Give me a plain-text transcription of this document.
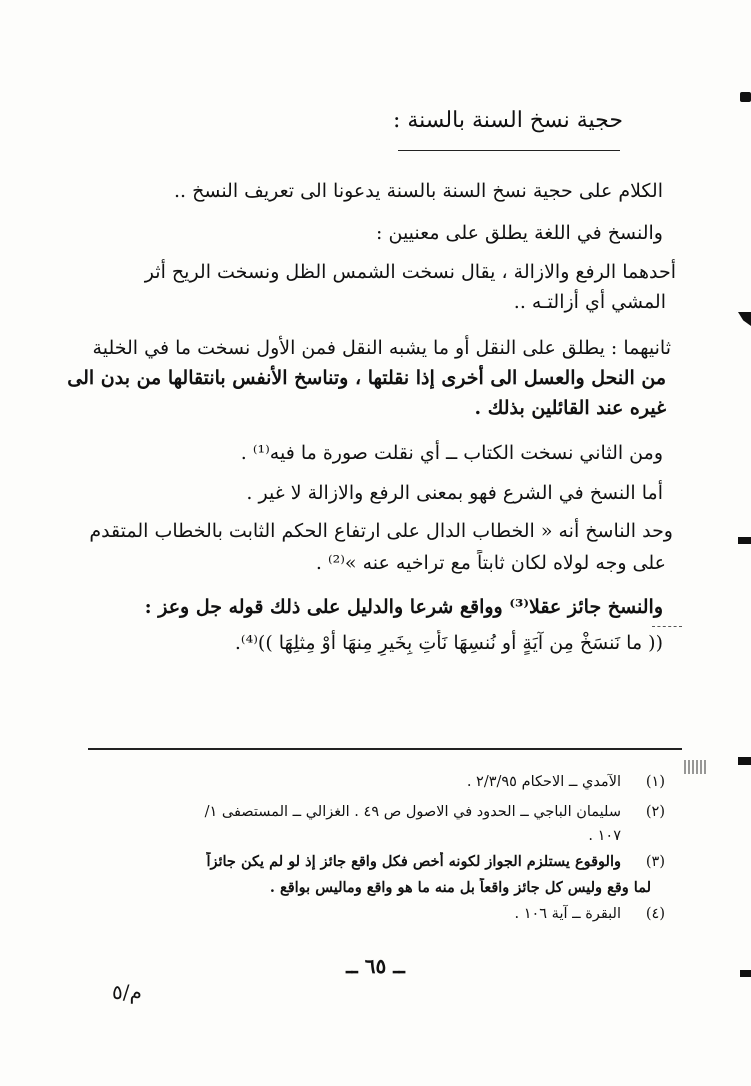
حجية نسخ السنة بالسنة :
الكلام على حجية نسخ السنة بالسنة يدعونا الى تعريف النسخ ..
والنسخ في اللغة يطلق على معنيين :
أحدهما الرفع والازالة ، يقال نسخت الشمس الظل ونسخت الريح أثر
المشي أي أزالتـه ..
ثانيهما : يطلق على النقل أو ما يشبه النقل فمن الأول نسخت ما في الخلية
من النحل والعسل الى أخرى إذا نقلتها ، وتناسخ الأنفس بانتقالها من بدن الى
غيره عند القائلين بذلك .
ومن الثاني نسخت الكتاب ــ أي نقلت صورة ما فيه⁽¹⁾ .
أما النسخ في الشرع فهو بمعنى الرفع والازالة لا غير .
وحد الناسخ أنه « الخطاب الدال على ارتفاع الحكم الثابت بالخطاب المتقدم
على وجه لولاه لكان ثابتاً مع تراخيه عنه »⁽²⁾ .
والنسخ جائز عقلا⁽³⁾ وواقع شرعا والدليل على ذلك قوله جل وعز :
(( ما نَنسَخْ مِن آيَةٍ أو نُنسِهَا نَأتِ بِخَيرٍ مِنهَا أوْ مِثلِهَا ))⁽⁴⁾.
(١)
الآمدي ــ الاحكام ٢/٣/٩٥ .
(٢)
سليمان الباجي ــ الحدود في الاصول ص ٤٩ . الغزالي ــ المستصفى ١/
١٠٧ .
(٣)
والوقوع يستلزم الجواز لكونه أخص فكل واقع جائز إذ لو لم يكن جائزاً
لما وقع وليس كل جائز واقعاً بل منه ما هو واقع وماليس بواقع .
(٤)
البقرة ــ آية ١٠٦ .
ــ ٦٥ ــ
م/٥
